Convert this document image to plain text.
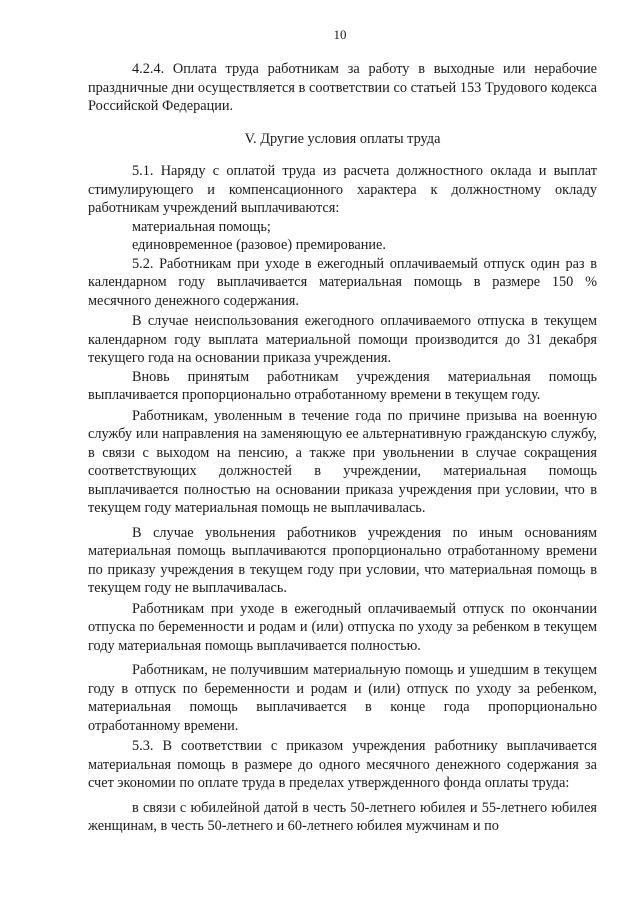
10

4.2.4. Оплата труда работникам за работу в выходные или нерабочие праздничные дни осуществляется в соответствии со статьей 153 Трудового кодекса Российской Федерации.

V. Другие условия оплаты труда

5.1. Наряду с оплатой труда из расчета должностного оклада и выплат стимулирующего и компенсационного характера к должностному окладу работникам учреждений выплачиваются:

материальная помощь;

единовременное (разовое) премирование.

5.2. Работникам при уходе в ежегодный оплачиваемый отпуск один раз в календарном году выплачивается материальная помощь в размере 150 % месячного денежного содержания.

В случае неиспользования ежегодного оплачиваемого отпуска в текущем календарном году выплата материальной помощи производится до 31 декабря текущего года на основании приказа учреждения.

Вновь принятым работникам учреждения материальная помощь выплачивается пропорционально отработанному времени в текущем году.

Работникам, уволенным в течение года по причине призыва на военную службу или направления на заменяющую ее альтернативную гражданскую службу, в связи с выходом на пенсию, а также при увольнении в случае сокращения соответствующих должностей в учреждении, материальная помощь выплачивается полностью на основании приказа учреждения при условии, что в текущем году материальная помощь не выплачивалась.

В случае увольнения работников учреждения по иным основаниям материальная помощь выплачиваются пропорционально отработанному времени по приказу учреждения в текущем году при условии, что материальная помощь в текущем году не выплачивалась.

Работникам при уходе в ежегодный оплачиваемый отпуск по окончании отпуска по беременности и родам и (или) отпуска по уходу за ребенком в текущем году материальная помощь выплачивается полностью.

Работникам, не получившим материальную помощь и ушедшим в текущем году в отпуск по беременности и родам и (или) отпуск по уходу за ребенком, материальная помощь выплачивается в конце года пропорционально отработанному времени.

5.3. В соответствии с приказом учреждения работнику выплачивается материальная помощь в размере до одного месячного денежного содержания за счет экономии по оплате труда в пределах утвержденного фонда оплаты труда:

в связи с юбилейной датой в честь 50-летнего юбилея и 55-летнего юбилея женщинам, в честь 50-летнего и 60-летнего юбилея мужчинам и по
